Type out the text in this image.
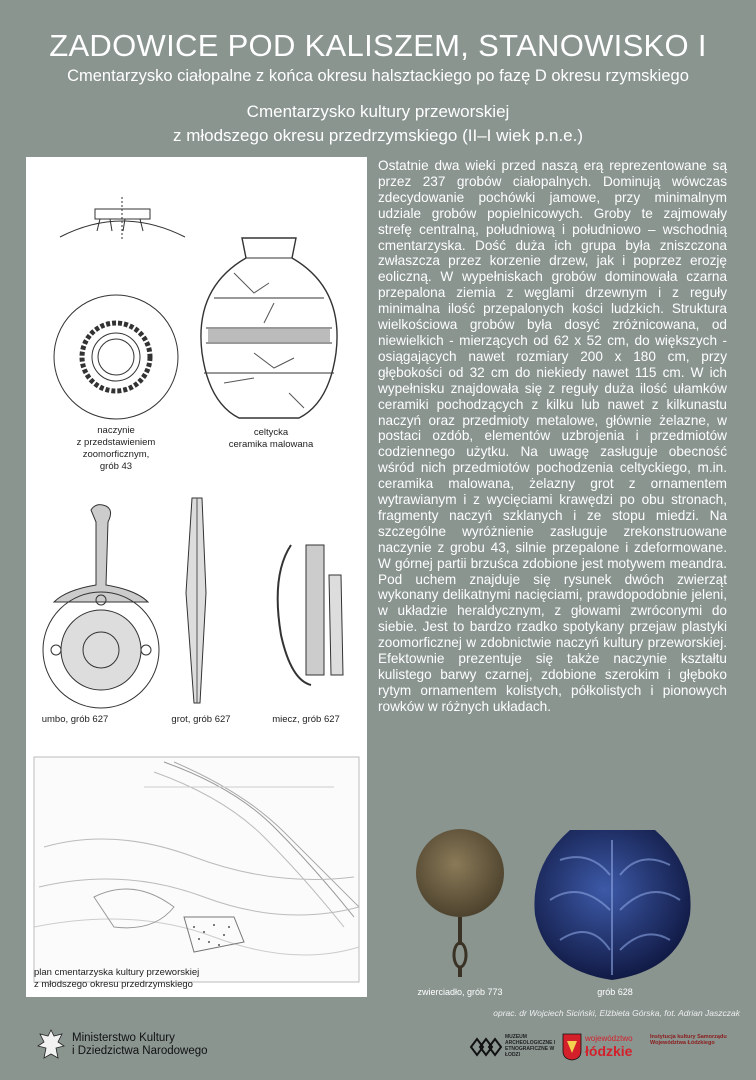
ZADOWICE POD KALISZEM, STANOWISKO I
Cmentarzysko ciałopalne z końca okresu halsztackiego po fazę D okresu rzymskiego
Cmentarzysko kultury przeworskiej
z młodszego okresu przedrzymskiego (II–I wiek p.n.e.)
naczynie
z przedstawieniem
zoomorficznym,
grób 43
celtycka
ceramika malowana
umbo, grób 627	grot, grób 627	miecz, grób 627
plan cmentarzyska kultury przeworskiej
z młodszego okresu przedrzymskiego

Ostatnie dwa wieki przed naszą erą reprezentowane są przez 237 grobów ciałopalnych. Dominują wówczas zdecydowanie pochówki jamowe, przy minimalnym udziale grobów popielnicowych. Groby te zajmowały strefę centralną, południową i południowo – wschodnią cmentarzyska. Dość duża ich grupa była zniszczona zwłaszcza przez korzenie drzew, jak i poprzez erozję eoliczną. W wypełniskach grobów dominowała czarna przepalona ziemia z węglami drzewnym i z reguły minimalna ilość przepalonych kości ludzkich. Struktura wielkościowa grobów była dosyć zróżnicowana, od niewielkich - mierzących od 62 x 52 cm, do większych - osiągających nawet rozmiary 200 x 180 cm, przy głębokości od 32 cm do niekiedy nawet 115 cm. W ich wypełnisku znajdowała się z reguły duża ilość ułamków ceramiki pochodzących z kilku lub nawet z kilkunastu naczyń oraz przedmioty metalowe, głównie żelazne, w postaci ozdób, elementów uzbrojenia i przedmiotów codziennego użytku. Na uwagę zasługuje obecność wśród nich przedmiotów pochodzenia celtyckiego, m.in. ceramika malowana, żelazny grot z ornamentem wytrawianym i z wycięciami krawędzi po obu stronach, fragmenty naczyń szklanych i ze stopu miedzi. Na szczególne wyróżnienie zasługuje zrekonstruowane naczynie z grobu 43, silnie przepalone i zdeformowane. W górnej partii brzuśca zdobione jest motywem meandra. Pod uchem znajduje się rysunek dwóch zwierząt wykonany delikatnymi nacięciami, prawdopodobnie jeleni, w układzie heraldycznym, z głowami zwróconymi do siebie. Jest to bardzo rzadko spotykany przejaw plastyki zoomorficznej w zdobnictwie naczyń kultury przeworskiej. Efektownie prezentuje się także naczynie kształtu kulistego barwy czarnej, zdobione szerokim i głęboko rytym ornamentem kolistych, półkolistych i pionowych rowków w różnych układach.

zwierciadło, grób 773	grób 628
oprac. dr Wojciech Siciński, Elżbieta Górska, fot. Adrian Jaszczak
Ministerstwo Kultury
i Dziedzictwa Narodowego
MUZEUM ARCHEOLOGICZNE I ETNOGRAFICZNE W ŁODZI
województwo
łódzkie
Instytucja kultury Samorządu Województwa Łódzkiego
